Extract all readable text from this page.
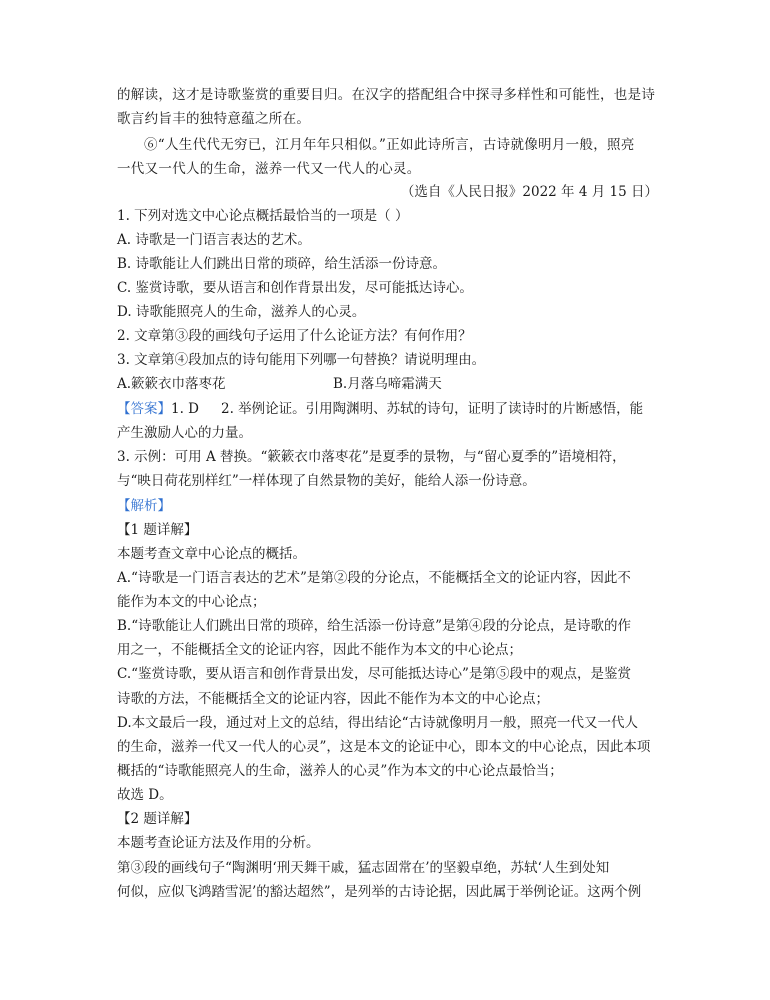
的解读，这才是诗歌鉴赏的重要目归。在汉字的搭配组合中探寻多样性和可能性，也是诗
歌言约旨丰的独特意蕴之所在。
⑥“人生代代无穷已，江月年年只相似。”正如此诗所言，古诗就像明月一般，照亮
一代又一代人的生命，滋养一代又一代人的心灵。
（选自《人民日报》2022 年 4 月 15 日）
1. 下列对选文中心论点概括最恰当的一项是（ ）
A. 诗歌是一门语言表达的艺术。
B. 诗歌能让人们跳出日常的琐碎，给生活添一份诗意。
C. 鉴赏诗歌，要从语言和创作背景出发，尽可能抵达诗心。
D. 诗歌能照亮人的生命，滋养人的心灵。
2. 文章第③段的画线句子运用了什么论证方法？有何作用？
3. 文章第④段加点的诗句能用下列哪一句替换？请说明理由。
A.簌簌衣巾落枣花	B.月落乌啼霜满天
【答案】1. D 2. 举例论证。引用陶渊明、苏轼的诗句，证明了读诗时的片断感悟，能
产生激励人心的力量。
3. 示例：可用 A 替换。“簌簌衣巾落枣花”是夏季的景物，与“留心夏季的”语境相符，
与“映日荷花别样红”一样体现了自然景物的美好，能给人添一份诗意。
【解析】
【1 题详解】
本题考查文章中心论点的概括。
A.“诗歌是一门语言表达的艺术”是第②段的分论点，不能概括全文的论证内容，因此不
能作为本文的中心论点；
B.“诗歌能让人们跳出日常的琐碎，给生活添一份诗意”是第④段的分论点，是诗歌的作
用之一，不能概括全文的论证内容，因此不能作为本文的中心论点；
C.“鉴赏诗歌，要从语言和创作背景出发，尽可能抵达诗心”是第⑤段中的观点，是鉴赏
诗歌的方法，不能概括全文的论证内容，因此不能作为本文的中心论点；
D.本文最后一段，通过对上文的总结，得出结论“古诗就像明月一般，照亮一代又一代人
的生命，滋养一代又一代人的心灵”，这是本文的论证中心，即本文的中心论点，因此本项
概括的“诗歌能照亮人的生命，滋养人的心灵”作为本文的中心论点最恰当；
故选 D。
【2 题详解】
本题考查论证方法及作用的分析。
第③段的画线句子“陶渊明‘刑天舞干戚，猛志固常在’的坚毅卓绝，苏轼‘人生到处知
何似，应似飞鸿踏雪泥’的豁达超然”，是列举的古诗论据，因此属于举例论证。这两个例
